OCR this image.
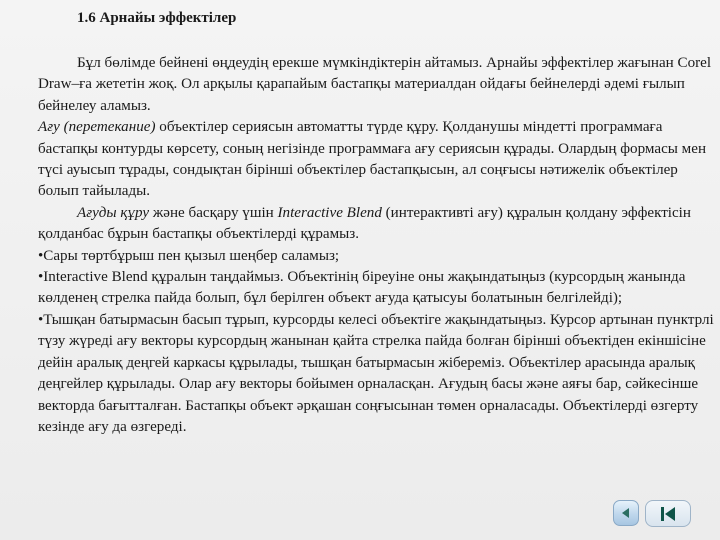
1.6 Арнайы эффектілер

Бұл бөлімде бейнені өңдеудің ерекше мүмкіндіктерін айтамыз. Арнайы эффектілер жағынан Corel Draw–ға жететін жоқ. Ол арқылы қарапайым бастапқы материалдан ойдағы бейнелерді әдемі ғылып бейнелеу аламыз.

Ағу (перетекание) объектілер сериясын автоматты түрде құру. Қолданушы міндетті программаға бастапқы контурды көрсету, соның негізінде программаға ағу сериясын құрады. Олардың формасы мен түсі ауысып тұрады, сондықтан бірінші объектілер бастапқысын, ал соңғысы нәтижелік объектілер болып тайылады.

Ағуды құру және басқару үшін Interactive Blend (интерактивті ағу) құралын қолдану эффектісін қолданбас бұрын бастапқы объектілерді құрамыз.

•Сары төртбұрыш пен қызыл шеңбер саламыз;

•Interactive Blend құралын таңдаймыз. Объектінің біреуіне оны жақындатыңыз (курсордың жанында көлденең стрелка пайда болып, бұл берілген объект ағуда қатысуы болатынын белгілейді);

•Тышқан батырмасын басып тұрып, курсорды келесі объектіге жақындатыңыз. Курсор артынан пунктрлі түзу жүреді ағу векторы курсордың жанынан қайта стрелка пайда болған бірінші объектіден екіншісіне дейін аралық деңгей каркасы құрылады, тышқан батырмасын жібереміз. Объектілер арасында аралық деңгейлер құрылады. Олар ағу векторы бойымен орналасқан. Ағудың басы және аяғы бар, сәйкесінше векторда бағытталған. Бастапқы объект әрқашан соңғысынан төмен орналасады. Объектілерді өзгерту кезінде ағу да өзгереді.
